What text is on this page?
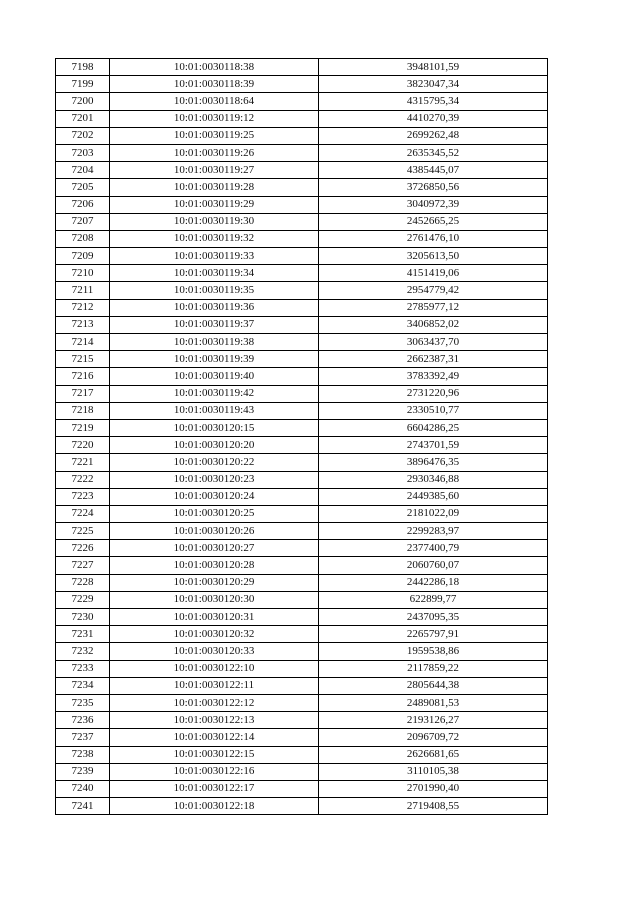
7198	10:01:0030118:38	3948101,59
7199	10:01:0030118:39	3823047,34
7200	10:01:0030118:64	4315795,34
7201	10:01:0030119:12	4410270,39
7202	10:01:0030119:25	2699262,48
7203	10:01:0030119:26	2635345,52
7204	10:01:0030119:27	4385445,07
7205	10:01:0030119:28	3726850,56
7206	10:01:0030119:29	3040972,39
7207	10:01:0030119:30	2452665,25
7208	10:01:0030119:32	2761476,10
7209	10:01:0030119:33	3205613,50
7210	10:01:0030119:34	4151419,06
7211	10:01:0030119:35	2954779,42
7212	10:01:0030119:36	2785977,12
7213	10:01:0030119:37	3406852,02
7214	10:01:0030119:38	3063437,70
7215	10:01:0030119:39	2662387,31
7216	10:01:0030119:40	3783392,49
7217	10:01:0030119:42	2731220,96
7218	10:01:0030119:43	2330510,77
7219	10:01:0030120:15	6604286,25
7220	10:01:0030120:20	2743701,59
7221	10:01:0030120:22	3896476,35
7222	10:01:0030120:23	2930346,88
7223	10:01:0030120:24	2449385,60
7224	10:01:0030120:25	2181022,09
7225	10:01:0030120:26	2299283,97
7226	10:01:0030120:27	2377400,79
7227	10:01:0030120:28	2060760,07
7228	10:01:0030120:29	2442286,18
7229	10:01:0030120:30	622899,77
7230	10:01:0030120:31	2437095,35
7231	10:01:0030120:32	2265797,91
7232	10:01:0030120:33	1959538,86
7233	10:01:0030122:10	2117859,22
7234	10:01:0030122:11	2805644,38
7235	10:01:0030122:12	2489081,53
7236	10:01:0030122:13	2193126,27
7237	10:01:0030122:14	2096709,72
7238	10:01:0030122:15	2626681,65
7239	10:01:0030122:16	3110105,38
7240	10:01:0030122:17	2701990,40
7241	10:01:0030122:18	2719408,55
